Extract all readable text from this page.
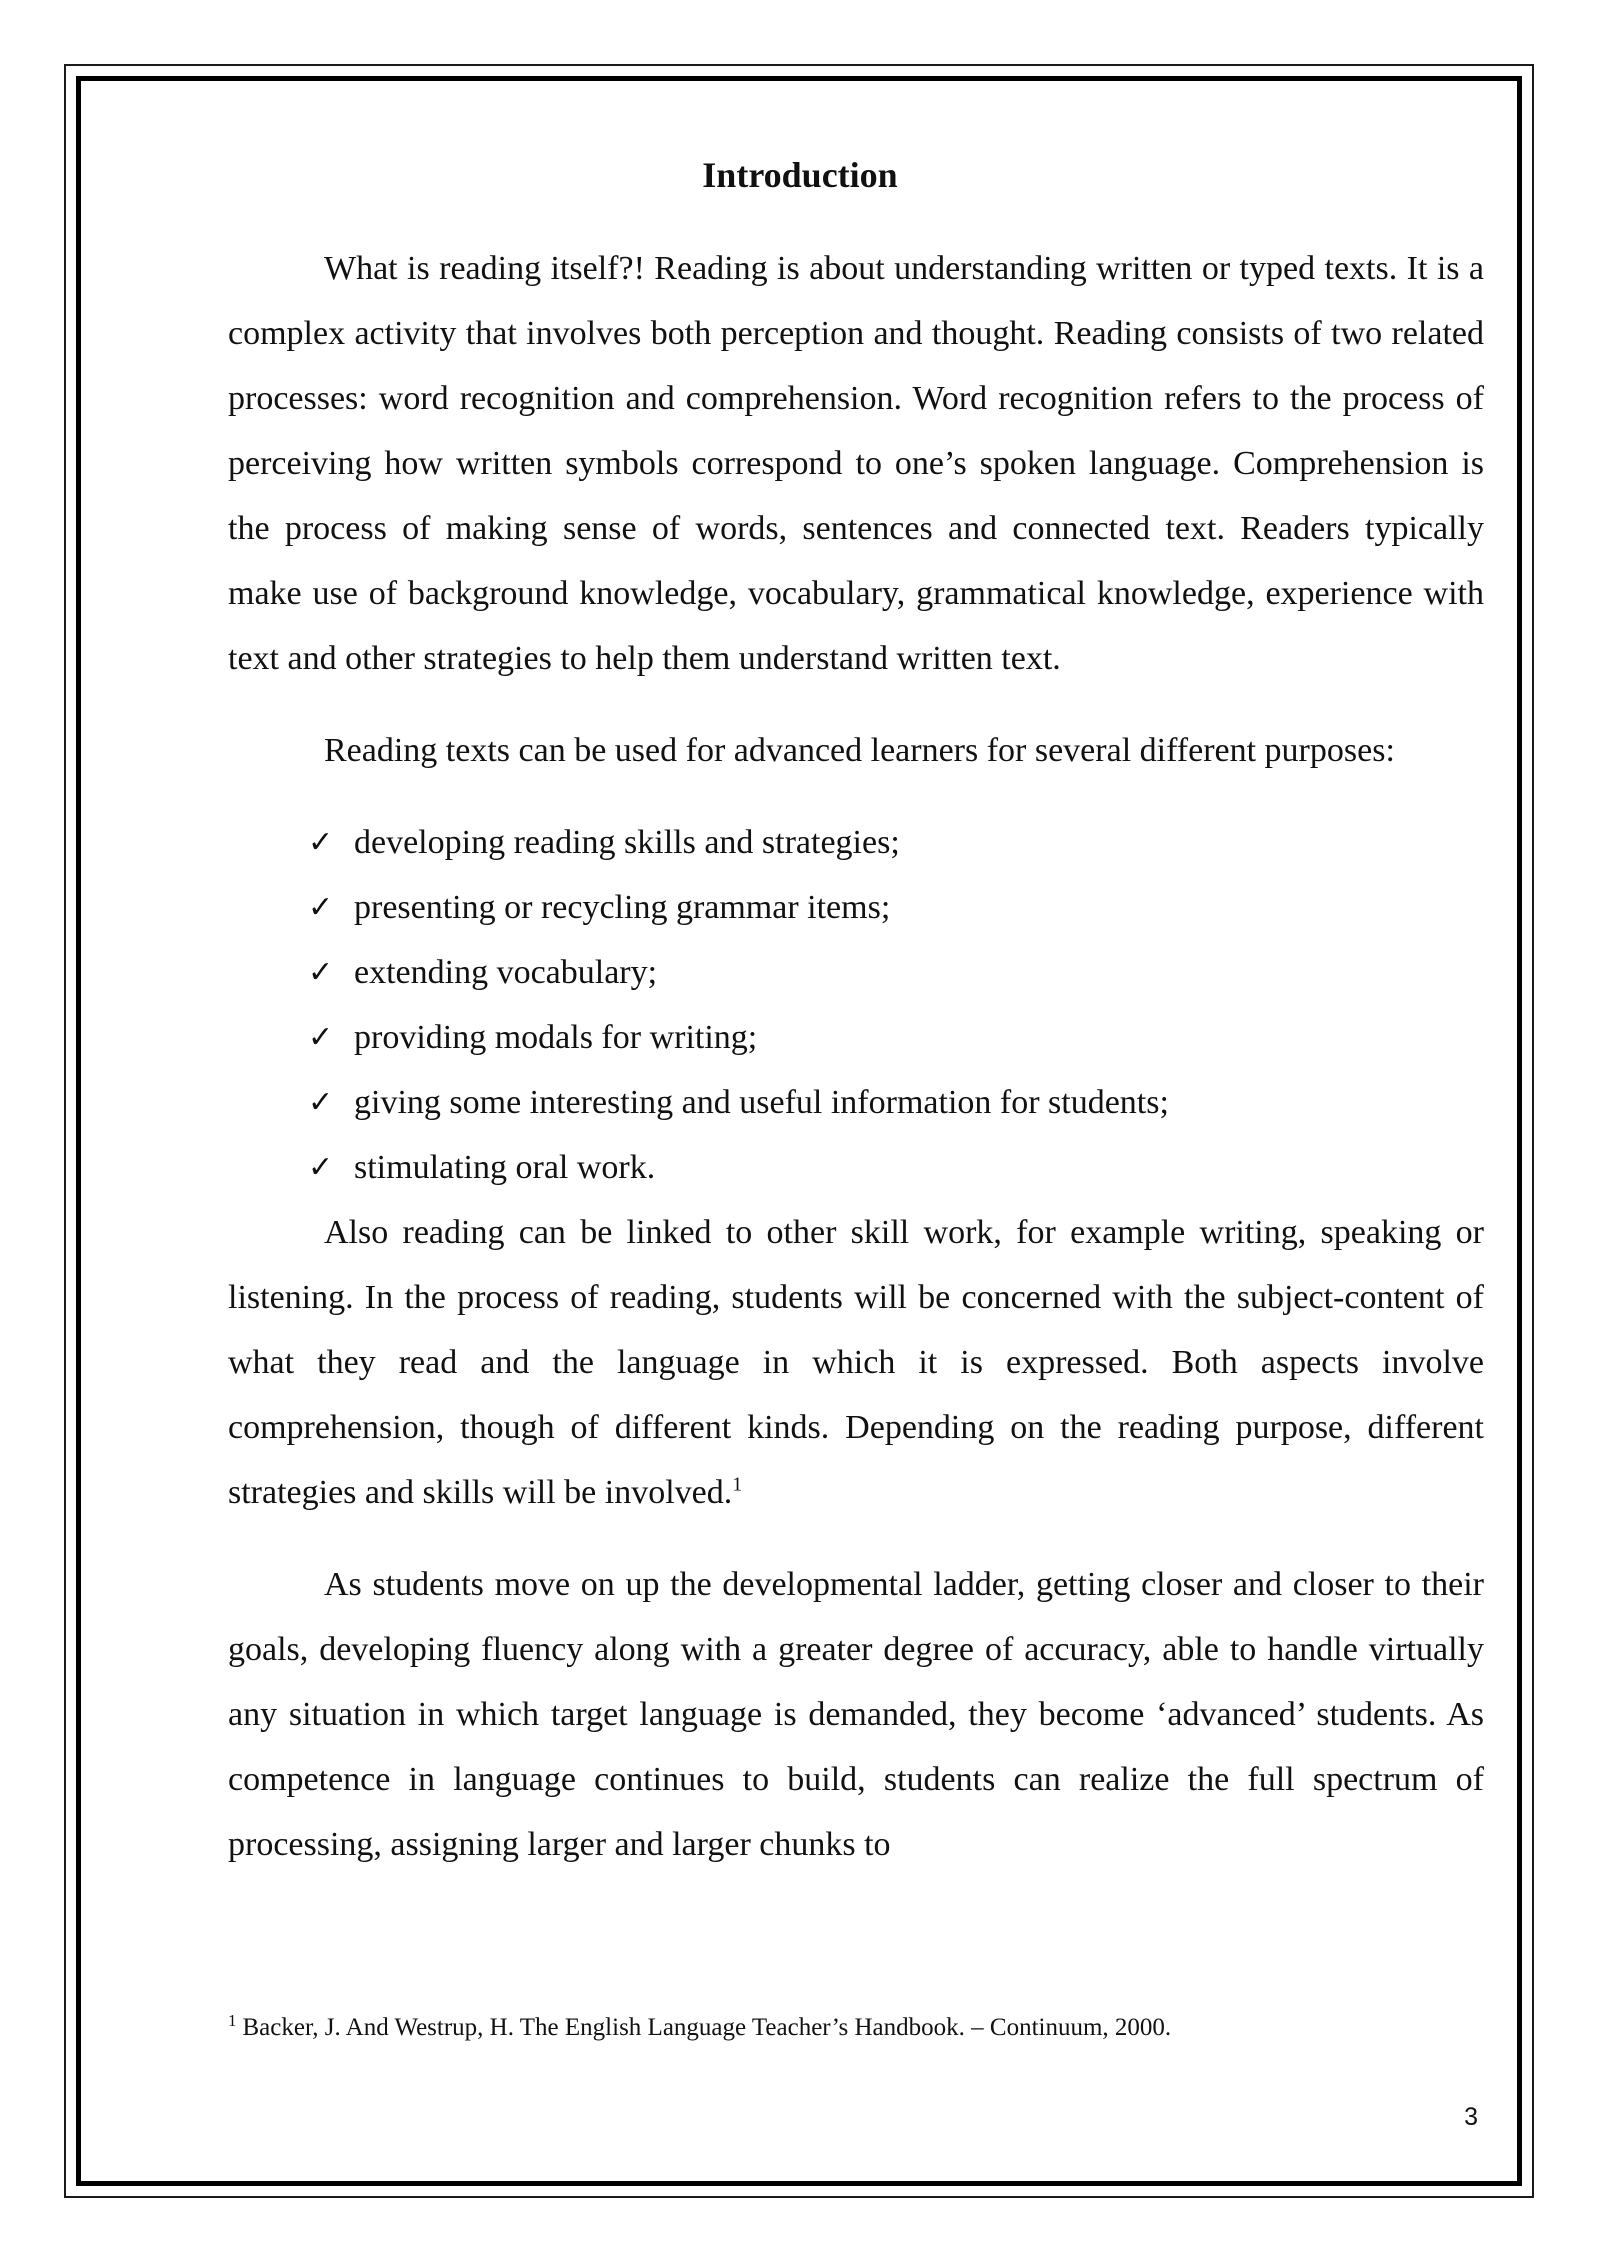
Introduction

What is reading itself?! Reading is about understanding written or typed texts. It is a complex activity that involves both perception and thought. Reading consists of two related processes: word recognition and comprehension. Word recognition refers to the process of perceiving how written symbols correspond to one’s spoken language. Comprehension is the process of making sense of words, sentences and connected text. Readers typically make use of background knowledge, vocabulary, grammatical knowledge, experience with text and other strategies to help them understand written text.

Reading texts can be used for advanced learners for several different purposes:

✓ developing reading skills and strategies;
✓ presenting or recycling grammar items;
✓ extending vocabulary;
✓ providing modals for writing;
✓ giving some interesting and useful information for students;
✓ stimulating oral work.

Also reading can be linked to other skill work, for example writing, speaking or listening. In the process of reading, students will be concerned with the subject-content of what they read and the language in which it is expressed. Both aspects involve comprehension, though of different kinds. Depending on the reading purpose, different strategies and skills will be involved.$^1$

As students move on up the developmental ladder, getting closer and closer to their goals, developing fluency along with a greater degree of accuracy, able to handle virtually any situation in which target language is demanded, they become ‘advanced’ students. As competence in language continues to build, students can realize the full spectrum of processing, assigning larger and larger chunks to

$^1$ Backer, J. And Westrup, H. The English Language Teacher’s Handbook. – Continuum, 2000.

3
